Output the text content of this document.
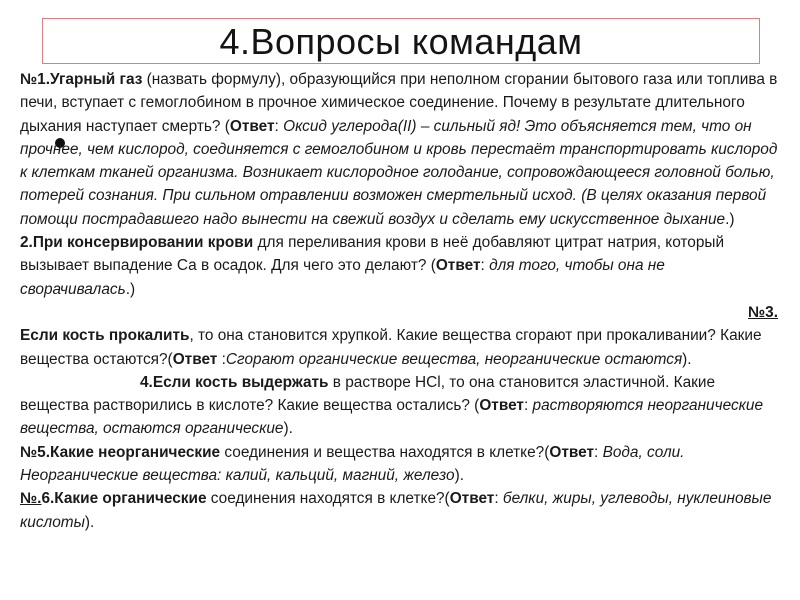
4.Вопросы командам

№1.Угарный газ (назвать формулу), образующийся при неполном сгорании бытового газа или топлива в печи, вступает с гемоглобином в прочное химическое соединение. Почему в результате длительного дыхания наступает смерть? (Ответ: Оксид углерода(II) – сильный яд! Это объясняется тем, что он прочнее, чем кислород, соединяется с гемоглобином и кровь перестаёт транспортировать кислород к клеткам тканей организма. Возникает кислородное голодание, сопровождающееся головной болью, потерей сознания. При сильном отравлении возможен смертельный исход. (В целях оказания первой помощи пострадавшего надо вынести на свежий воздух и сделать ему искусственное дыхание.)

2.При консервировании крови для переливания крови в неё добавляют цитрат натрия, который вызывает выпадение Са в осадок. Для чего это делают? (Ответ: для того, чтобы она не сворачивалась.)

№3.

Если кость прокалить, то она становится хрупкой. Какие вещества сгорают при прокаливании? Какие вещества остаются?(Ответ :Сгорают органические вещества, неорганические остаются). 4.Если кость выдержать в растворе HCl, то она становится эластичной. Какие вещества растворились в кислоте? Какие вещества остались? (Ответ: растворяются неорганические вещества, остаются органические).

№5.Какие неорганические соединения и вещества находятся в клетке?(Ответ: Вода, соли. Неорганические вещества: калий, кальций, магний, железо).

№.6.Какие органические соединения находятся в клетке?(Ответ: белки, жиры, углеводы, нуклеиновые кислоты).
